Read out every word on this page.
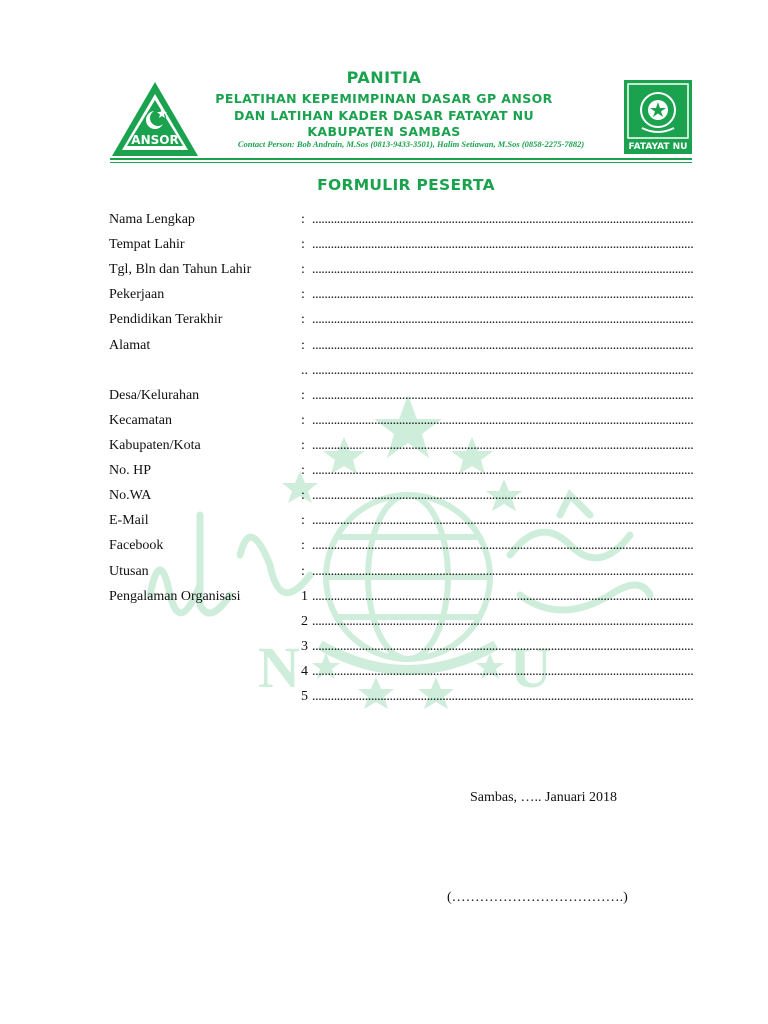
N	U
ANSOR	FATAYAT NU
PANITIA
PELATIHAN KEPEMIMPINAN DASAR GP ANSOR
DAN LATIHAN KADER DASAR FATAYAT NU
KABUPATEN SAMBAS
Contact Person: Bob Andrain, M.Sos (0813-9433-3501), Halim Setiawan, M.Sos (0858-2275-7882)
FORMULIR PESERTA
Nama Lengkap	:
.....
Tempat Lahir	:
.....
Tgl, Bln dan Tahun Lahir	:
.....
Pekerjaan	:
.....
Pendidikan Terakhir	:
.....
Alamat	:
.....
..
.....
Desa/Kelurahan	:
.....
Kecamatan	:
.....
Kabupaten/Kota	:
.....
No. HP	:
.....
No.WA	:
.....
E-Mail	:
.....
Facebook	:
.....
Utusan	:
.....
Pengalaman Organisasi	1
.....
2
.....
3
.....
4
.....
5
.....
Sambas, ….. Januari 2018
(……………………………….)
